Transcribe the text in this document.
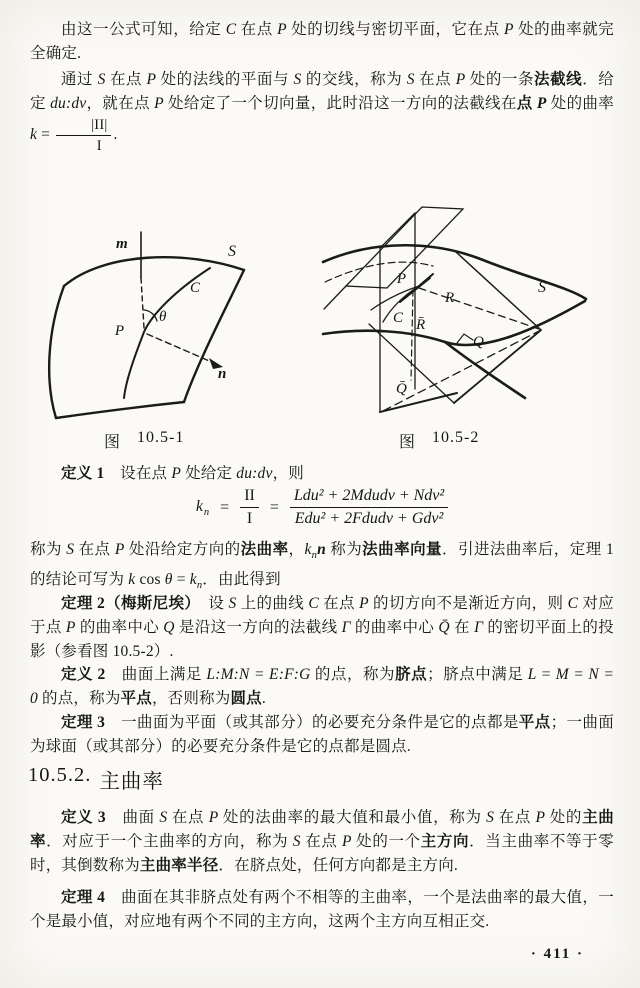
由这一公式可知，给定 C 在点 P 处的切线与密切平面，它在点 P 处的曲率就完全确定.

通过 S 在点 P 处的法线的平面与 S 的交线，称为 S 在点 P 处的一条法截线．给定 du:dv，就在点 P 处给定了一个切向量，此时沿这一方向的法截线在点 P 处的曲率 $k = \frac{|II|}{I}$ .

m	S
C
P
θ
n
P
R
C R̄
Q
Q̄
S
图 10.5-1	图 10.5-2

定义 1　设在点 P 处给定 du:dv，则

$k_n = \frac{II}{I} = \frac{\text{Ldu² + 2Mdudv + Ndv²}}{\text{Edu² + 2Fdudv + Gdv²}}$

称为 S 在点 P 处沿给定方向的法曲率，$k_nn$ 称为法曲率向量．引进法曲率后，定理 1 的结论可写为 k $\cos \theta = k_n$．由此得到

定理 2（梅斯尼埃）　设 S 上的曲线 C 在点 P 的切方向不是渐近方向，则 C 对应于点 P 的曲率中心 Q 是沿这一方向的法截线 Γ 的曲率中心 Q̄ 在 Γ 的密切平面上的投影（参看图 10.5-2）.

定义 2　曲面上满足 L:M:N = E:F:G 的点，称为脐点；脐点中满足 L = M = N = 0 的点，称为平点，否则称为圆点.

定理 3　一曲面为平面（或其部分）的必要充分条件是它的点都是平点；一曲面为球面（或其部分）的必要充分条件是它的点都是圆点.

10.5.2. 主曲率

定义 3　曲面 S 在点 P 处的法曲率的最大值和最小值，称为 S 在点 P 处的主曲率．对应于一个主曲率的方向，称为 S 在点 P 处的一个主方向．当主曲率不等于零时，其倒数称为主曲率半径．在脐点处，任何方向都是主方向.

定理 4　曲面在其非脐点处有两个不相等的主曲率，一个是法曲率的最大值，一个是最小值，对应地有两个不同的主方向，这两个主方向互相正交.

· 411 ·
